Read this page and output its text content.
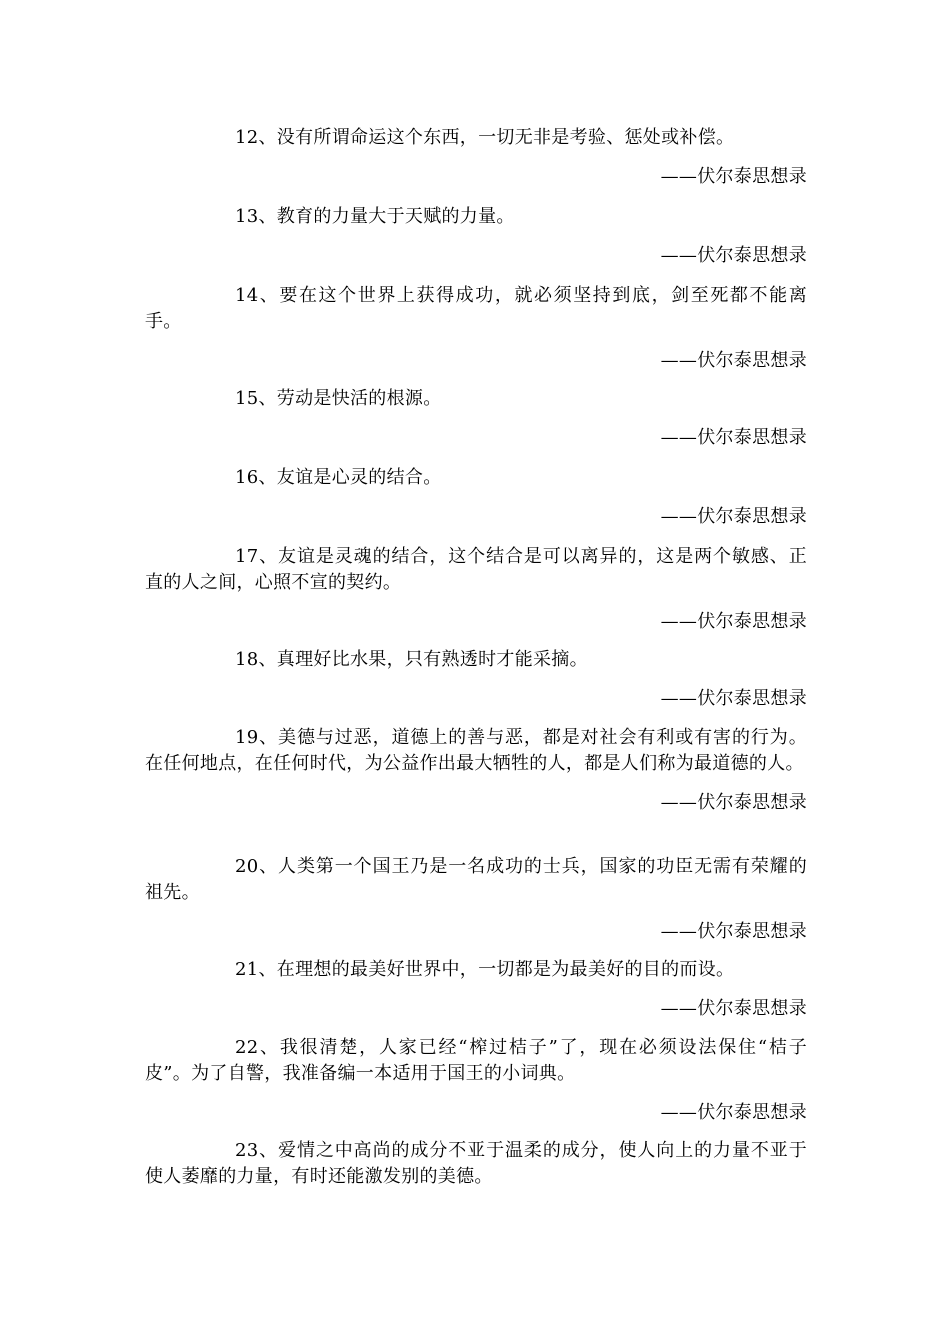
12、没有所谓命运这个东西，一切无非是考验、惩处或补偿。

——伏尔泰思想录

13、教育的力量大于天赋的力量。

——伏尔泰思想录

14、要在这个世界上获得成功，就必须坚持到底，剑至死都不能离手。

——伏尔泰思想录

15、劳动是快活的根源。

——伏尔泰思想录

16、友谊是心灵的结合。

——伏尔泰思想录

17、友谊是灵魂的结合，这个结合是可以离异的，这是两个敏感、正直的人之间，心照不宣的契约。

——伏尔泰思想录

18、真理好比水果，只有熟透时才能采摘。

——伏尔泰思想录

19、美德与过恶，道德上的善与恶，都是对社会有利或有害的行为。在任何地点，在任何时代，为公益作出最大牺牲的人，都是人们称为最道德的人。

——伏尔泰思想录

20、人类第一个国王乃是一名成功的士兵，国家的功臣无需有荣耀的祖先。

——伏尔泰思想录

21、在理想的最美好世界中，一切都是为最美好的目的而设。

——伏尔泰思想录

22、我很清楚，人家已经“榨过桔子”了，现在必须设法保住“桔子皮”。为了自警，我准备编一本适用于国王的小词典。

——伏尔泰思想录

23、爱情之中高尚的成分不亚于温柔的成分，使人向上的力量不亚于使人萎靡的力量，有时还能激发别的美德。
